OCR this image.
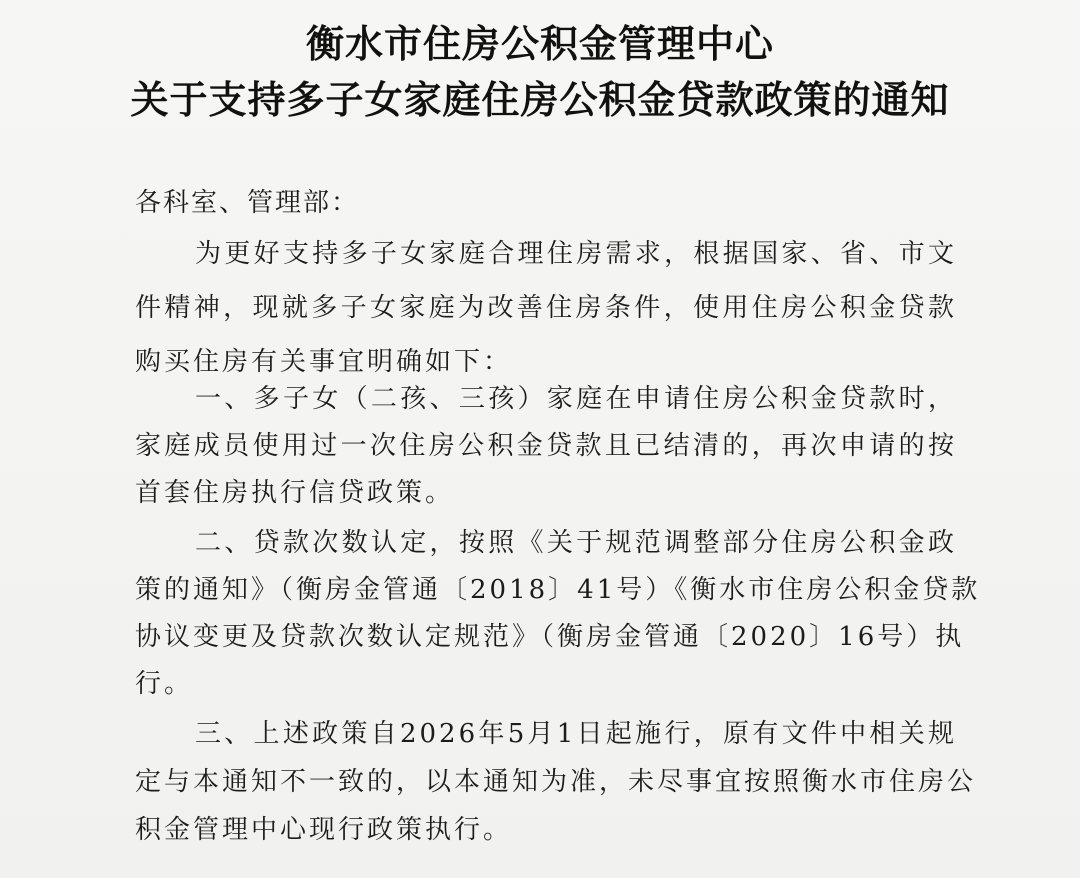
衡水市住房公积金管理中心
关于支持多子女家庭住房公积金贷款政策的通知
各科室、管理部：
为更好支持多子女家庭合理住房需求，根据国家、省、市文
件精神，现就多子女家庭为改善住房条件，使用住房公积金贷款
购买住房有关事宜明确如下：
一、多子女（二孩、三孩）家庭在申请住房公积金贷款时，
家庭成员使用过一次住房公积金贷款且已结清的，再次申请的按
首套住房执行信贷政策。
二、贷款次数认定，按照《关于规范调整部分住房公积金政
策的通知》（衡房金管通〔2018〕41号）《衡水市住房公积金贷款
协议变更及贷款次数认定规范》（衡房金管通〔2020〕16号）执
行。
三、上述政策自2026年5月1日起施行，原有文件中相关规
定与本通知不一致的，以本通知为准，未尽事宜按照衡水市住房公
积金管理中心现行政策执行。
